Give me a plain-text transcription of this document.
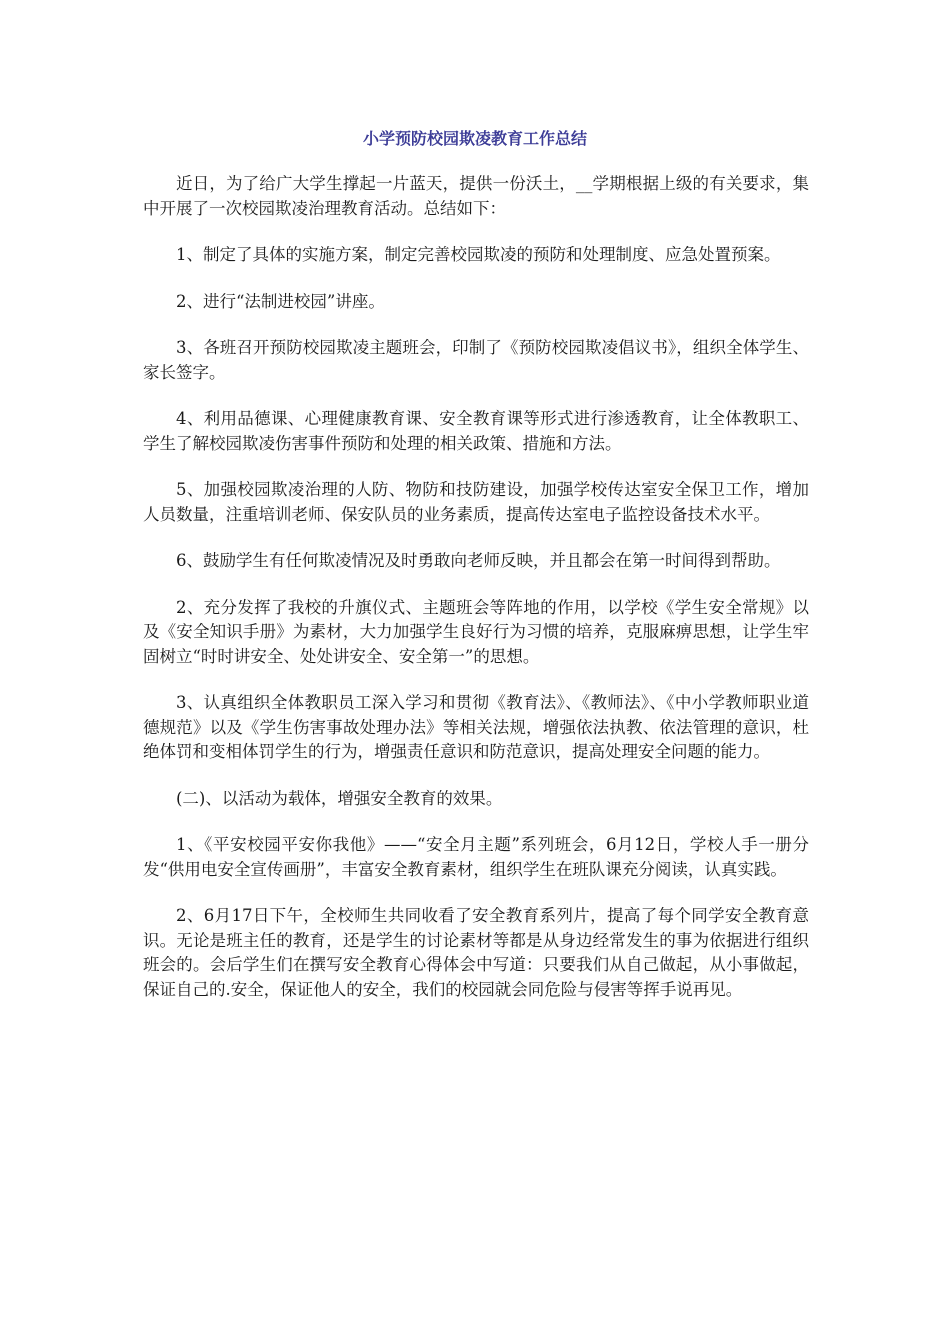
小学预防校园欺凌教育工作总结

近日，为了给广大学生撑起一片蓝天，提供一份沃土，__学期根据上级的有关要求，集中开展了一次校园欺凌治理教育活动。总结如下：

1、制定了具体的实施方案，制定完善校园欺凌的预防和处理制度、应急处置预案。

2、进行“法制进校园”讲座。

3、各班召开预防校园欺凌主题班会，印制了《预防校园欺凌倡议书》，组织全体学生、家长签字。

4、利用品德课、心理健康教育课、安全教育课等形式进行渗透教育，让全体教职工、学生了解校园欺凌伤害事件预防和处理的相关政策、措施和方法。

5、加强校园欺凌治理的人防、物防和技防建设，加强学校传达室安全保卫工作，增加人员数量，注重培训老师、保安队员的业务素质，提高传达室电子监控设备技术水平。

6、鼓励学生有任何欺凌情况及时勇敢向老师反映，并且都会在第一时间得到帮助。

2、充分发挥了我校的升旗仪式、主题班会等阵地的作用，以学校《学生安全常规》以及《安全知识手册》为素材，大力加强学生良好行为习惯的培养，克服麻痹思想，让学生牢固树立“时时讲安全、处处讲安全、安全第一”的思想。

3、认真组织全体教职员工深入学习和贯彻《教育法》、《教师法》、《中小学教师职业道德规范》以及《学生伤害事故处理办法》等相关法规，增强依法执教、依法管理的意识，杜绝体罚和变相体罚学生的行为，增强责任意识和防范意识，提高处理安全问题的能力。

(二)、以活动为载体，增强安全教育的效果。

1、《平安校园平安你我他》——“安全月主题”系列班会，6月12日，学校人手一册分发“供用电安全宣传画册”，丰富安全教育素材，组织学生在班队课充分阅读，认真实践。

2、6月17日下午，全校师生共同收看了安全教育系列片，提高了每个同学安全教育意识。无论是班主任的教育，还是学生的讨论素材等都是从身边经常发生的事为依据进行组织班会的。会后学生们在撰写安全教育心得体会中写道：只要我们从自己做起，从小事做起，保证自己的.安全，保证他人的安全，我们的校园就会同危险与侵害等挥手说再见。
